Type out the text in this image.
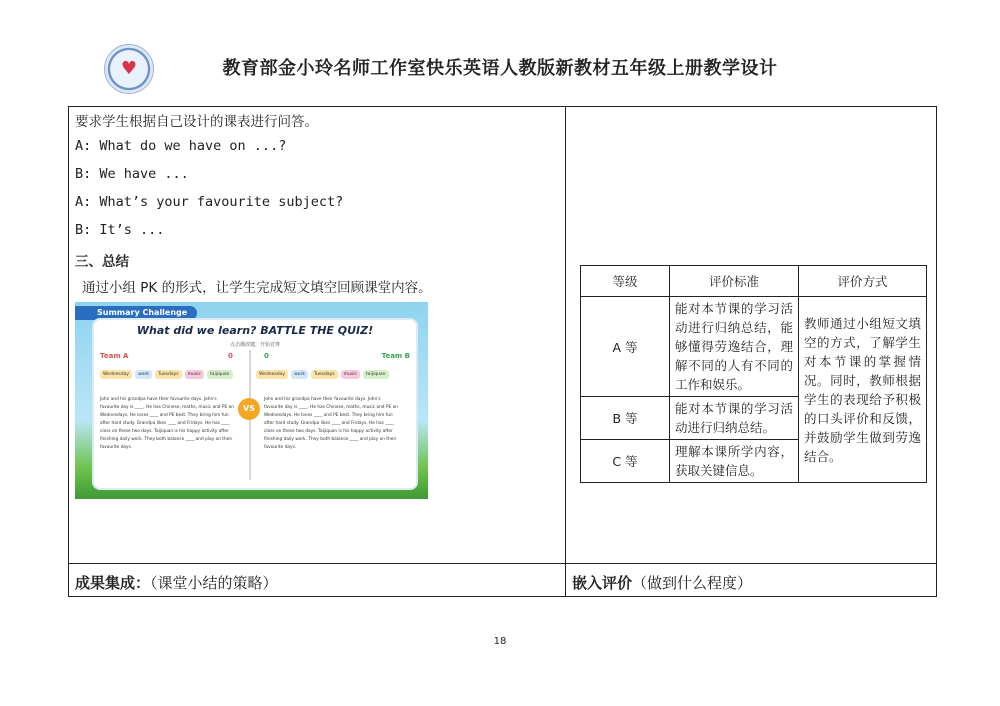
♥	教育部金小玲名师工作室快乐英语人教版新教材五年级上册教学设计
要求学生根据自己设计的课表进行问答。
A: What do we have on ...?
B: We have ...
A: What’s your favourite subject?
B: It’s ...
三、总结
通过小组 PK 的形式，让学生完成短文填空回顾课堂内容。
Summary Challenge
What did we learn? BATTLE THE QUIZ!
点击播放键，开始竞赛
Team A	0	0	Team B
Wednesday	work	Tuesdays	music	taijiquan	Wednesday	work	Tuesdays	music	taijiquan
John and his grandpa have their favourite days. John's favourite day is ____. He has Chinese, maths, music and PE on Wednesdays. He loves ____ and PE best. They bring him fun after hard study. Grandpa likes ____ and Fridays. He has ____ class on these two days. Taijiquan is his happy activity after finishing daily work. They both balance ____ and play on their favourite days.
VS
John and his grandpa have their favourite days. John's favourite day is ____. He has Chinese, maths, music and PE on Wednesdays. He loves ____ and PE best. They bring him fun after hard study. Grandpa likes ____ and Fridays. He has ____ class on these two days. Taijiquan is his happy activity after finishing daily work. They both balance ____ and play on their favourite days.
等级	评价标准	评价方式
A 等	能对本节课的学习活动进行归纳总结，能够懂得劳逸结合，理解不同的人有不同的工作和娱乐。	教师通过小组短文填空的方式，了解学生对本节课的掌握情况。同时，教师根据学生的表现给予积极的口头评价和反馈，并鼓励学生做到劳逸结合。
B 等	能对本节课的学习活动进行归纳总结。	
C 等	理解本课所学内容，获取关键信息。	
成果集成：（课堂小结的策略）	嵌入评价（做到什么程度）
18
